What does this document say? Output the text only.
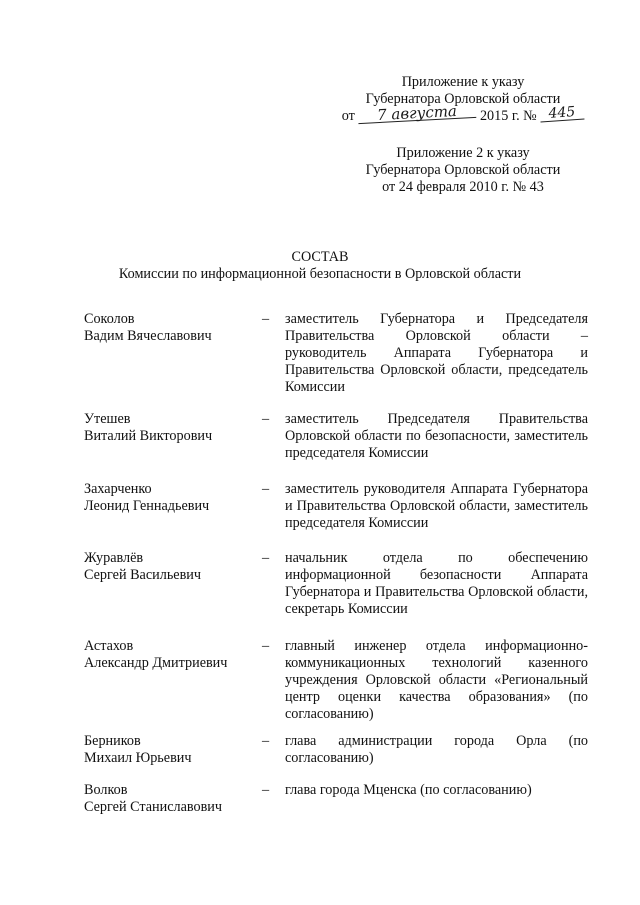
Приложение к указу
Губернатора Орловской области
от 7 августа 2015 г. № 445
Приложение 2 к указу
Губернатора Орловской области
от 24 февраля 2010 г. № 43
СОСТАВ
Комиссии по информационной безопасности в Орловской области
Соколов
Вадим Вячеславович
–	заместитель Губернатора и Председателя Правительства Орловской области – руководитель Аппарата Губернатора и Правительства Орловской области, председатель Комиссии
Утешев
Виталий Викторович
–	заместитель Председателя Правительства Орловской области по безопасности, заместитель председателя Комиссии
Захарченко
Леонид Геннадьевич
–	заместитель руководителя Аппарата Губернатора и Правительства Орловской области, заместитель председателя Комиссии
Журавлёв
Сергей Васильевич
–	начальник отдела по обеспечению информационной безопасности Аппарата Губернатора и Правительства Орловской области, секретарь Комиссии
Астахов
Александр Дмитриевич
–	главный инженер отдела информационно-коммуникационных технологий казенного учреждения Орловской области «Региональный центр оценки качества образования» (по согласованию)
Берников
Михаил Юрьевич
–	глава администрации города Орла (по согласованию)
Волков
Сергей Станиславович
–	глава города Мценска (по согласованию)
